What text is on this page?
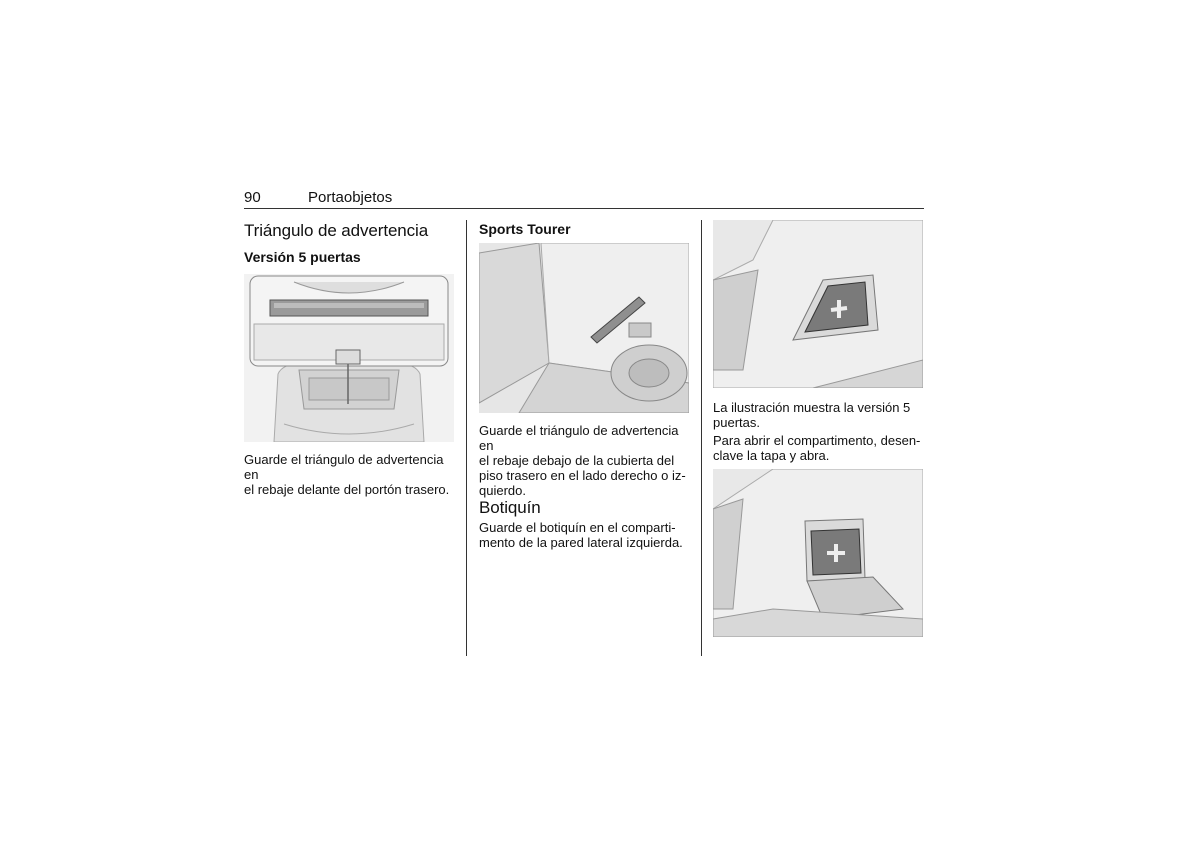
90	Portaobjetos
Triángulo de advertencia
Versión 5 puertas

Guarde el triángulo de advertencia en
el rebaje delante del portón trasero.

Sports Tourer

Guarde el triángulo de advertencia en
el rebaje debajo de la cubierta del
piso trasero en el lado derecho o iz-
quierdo.

Botiquín

Guarde el botiquín en el comparti-
mento de la pared lateral izquierda.

La ilustración muestra la versión 5
puertas.

Para abrir el compartimento, desen-
clave la tapa y abra.
